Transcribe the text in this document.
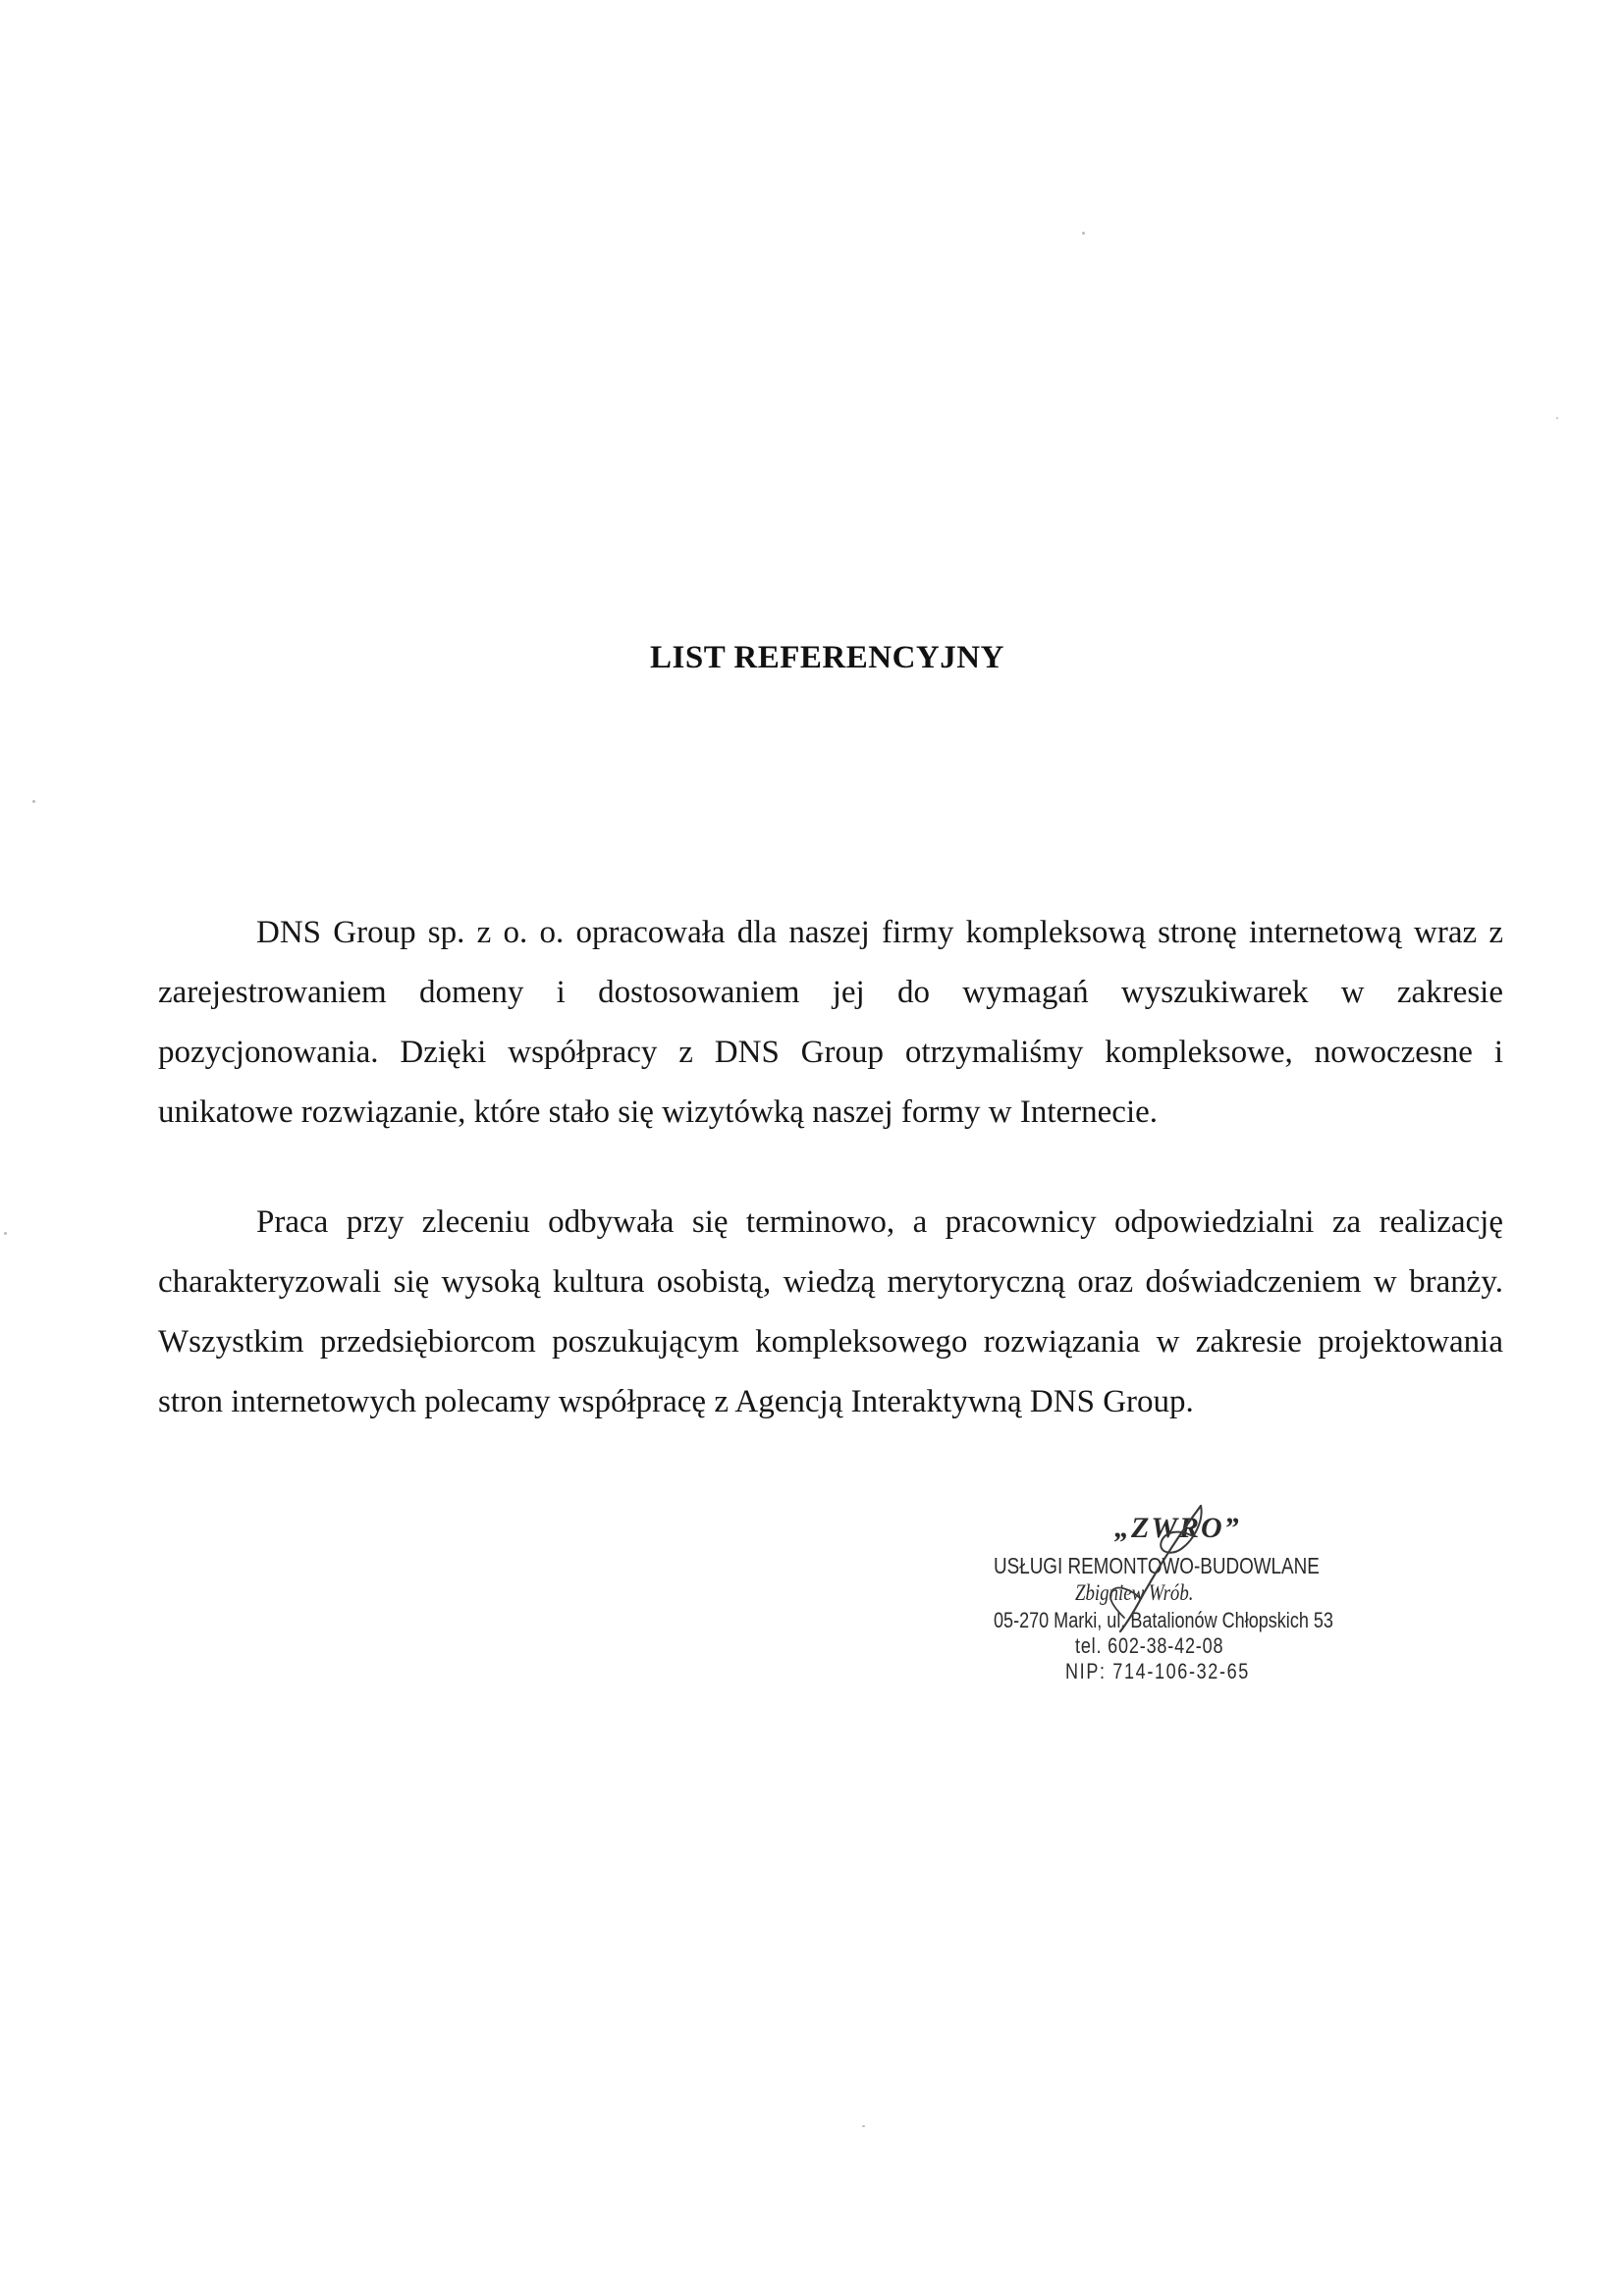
LIST REFERENCYJNY

DNS Group sp. z o. o. opracowała dla naszej firmy kompleksową stronę internetową wraz z zarejestrowaniem domeny i dostosowaniem jej do wymagań wyszukiwarek w zakresie pozycjonowania. Dzięki współpracy z DNS Group otrzymaliśmy kompleksowe, nowoczesne i unikatowe rozwiązanie, które stało się wizytówką naszej formy w Internecie.

Praca przy zleceniu odbywała się terminowo, a pracownicy odpowiedzialni za realizację charakteryzowali się wysoką kultura osobistą, wiedzą merytoryczną oraz doświadczeniem w branży. Wszystkim przedsiębiorcom poszukującym kompleksowego rozwiązania w zakresie projektowania stron internetowych polecamy współpracę z Agencją Interaktywną DNS Group.

„ZWRO”
USŁUGI REMONTOWO-BUDOWLANE
Zbigniew Wrób.
05-270 Marki, ul. Batalionów Chłopskich 53
tel. 602-38-42-08
NIP: 714-106-32-65
